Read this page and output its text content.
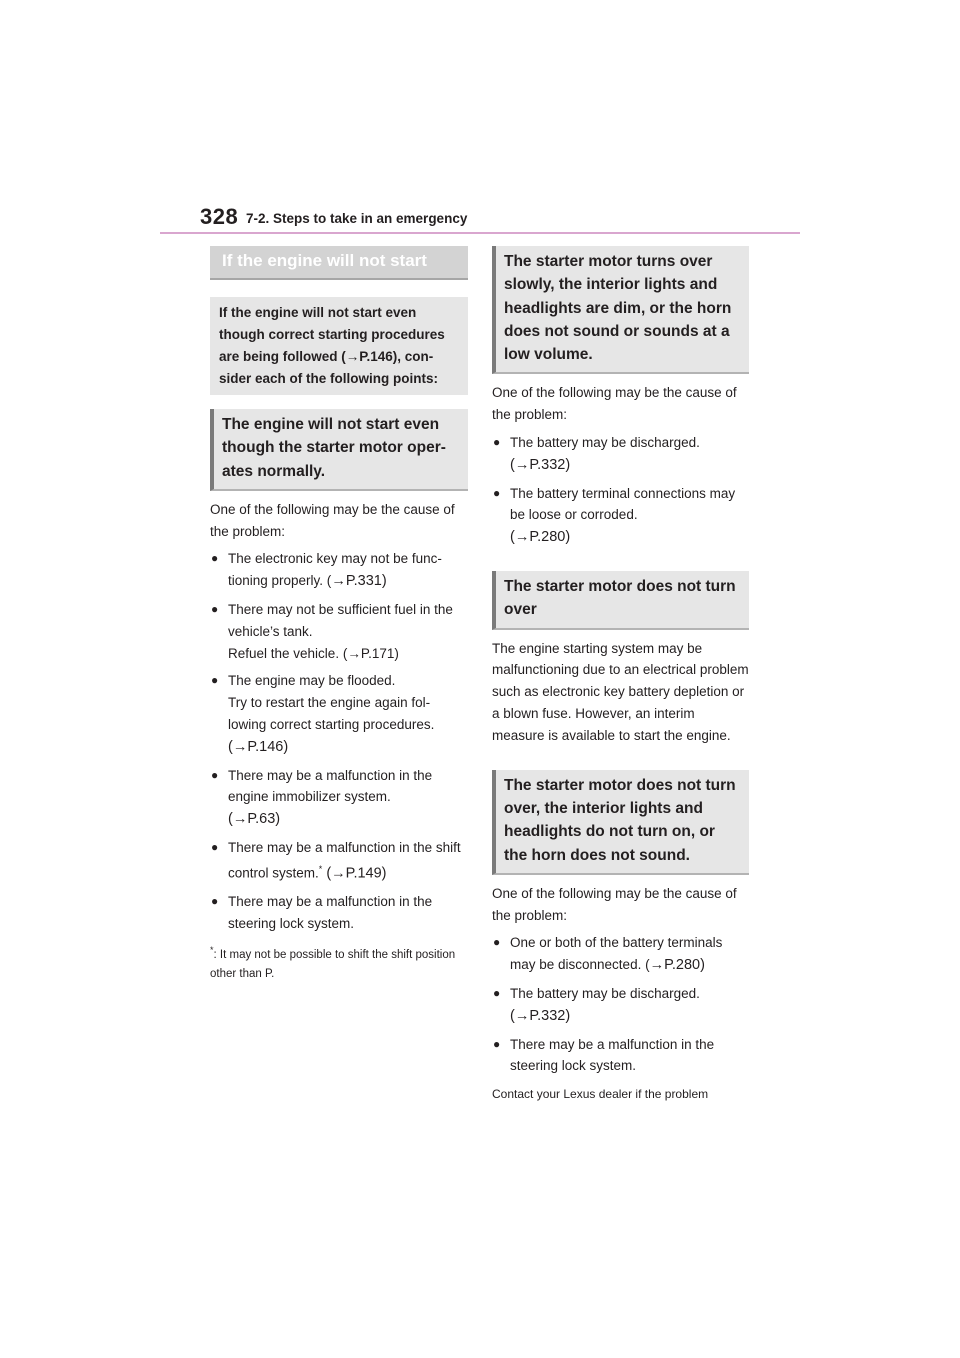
328 7-2. Steps to take in an emergency
If the engine will not start
If the engine will not start even though correct starting procedures are being followed (→P.146), con- sider each of the following points:
The engine will not start even though the starter motor oper- ates normally.

One of the following may be the cause of the problem:

● The electronic key may not be func- tioning properly. (→P.331)
● There may not be sufficient fuel in the vehicle’s tank.
Refuel the vehicle. (→P.171)
● The engine may be flooded.
Try to restart the engine again fol- lowing correct starting procedures.
(→P.146)
● There may be a malfunction in the engine immobilizer system.
(→P.63)
● There may be a malfunction in the shift control system.* (→P.149)
● There may be a malfunction in the steering lock system.
*: It may not be possible to shift the shift position other than P.
The starter motor turns over slowly, the interior lights and headlights are dim, or the horn does not sound or sounds at a low volume.

One of the following may be the cause of the problem:

● The battery may be discharged.
(→P.332)
● The battery terminal connections may be loose or corroded.
(→P.280)
The starter motor does not turn over

The engine starting system may be malfunctioning due to an electrical problem such as electronic key battery depletion or a blown fuse. However, an interim measure is available to start the engine.

The starter motor does not turn over, the interior lights and headlights do not turn on, or the horn does not sound.

One of the following may be the cause of the problem:

● One or both of the battery terminals may be disconnected. (→P.280)
● The battery may be discharged.
(→P.332)
● There may be a malfunction in the steering lock system.
Contact your Lexus dealer if the problem
